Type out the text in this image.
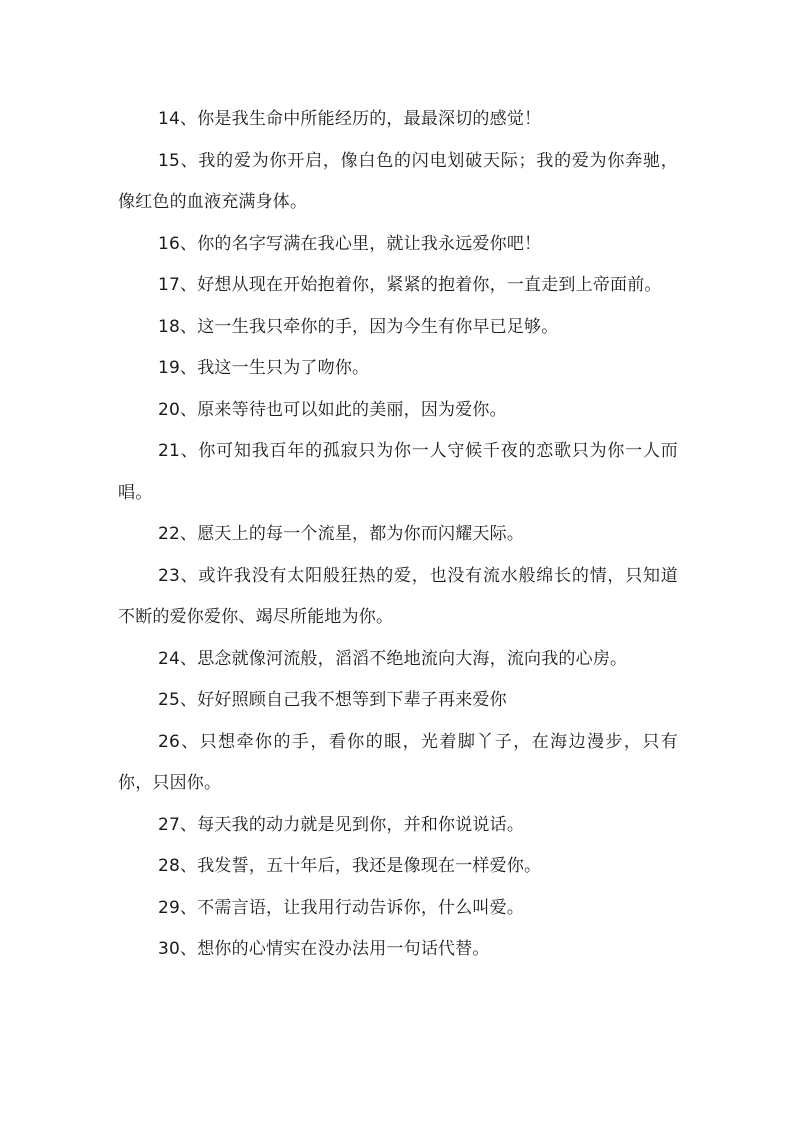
14、你是我生命中所能经历的，最最深切的感觉！

15、我的爱为你开启，像白色的闪电划破天际；我的爱为你奔驰，像红色的血液充满身体。

16、你的名字写满在我心里，就让我永远爱你吧！

17、好想从现在开始抱着你，紧紧的抱着你，一直走到上帝面前。

18、这一生我只牵你的手，因为今生有你早已足够。

19、我这一生只为了吻你。

20、原来等待也可以如此的美丽，因为爱你。

21、你可知我百年的孤寂只为你一人守候千夜的恋歌只为你一人而唱。

22、愿天上的每一个流星，都为你而闪耀天际。

23、或许我没有太阳般狂热的爱，也没有流水般绵长的情，只知道不断的爱你爱你、竭尽所能地为你。

24、思念就像河流般，滔滔不绝地流向大海，流向我的心房。

25、好好照顾自己我不想等到下辈子再来爱你

26、只想牵你的手，看你的眼，光着脚丫子，在海边漫步，只有你，只因你。

27、每天我的动力就是见到你，并和你说说话。

28、我发誓，五十年后，我还是像现在一样爱你。

29、不需言语，让我用行动告诉你，什么叫爱。

30、想你的心情实在没办法用一句话代替。
